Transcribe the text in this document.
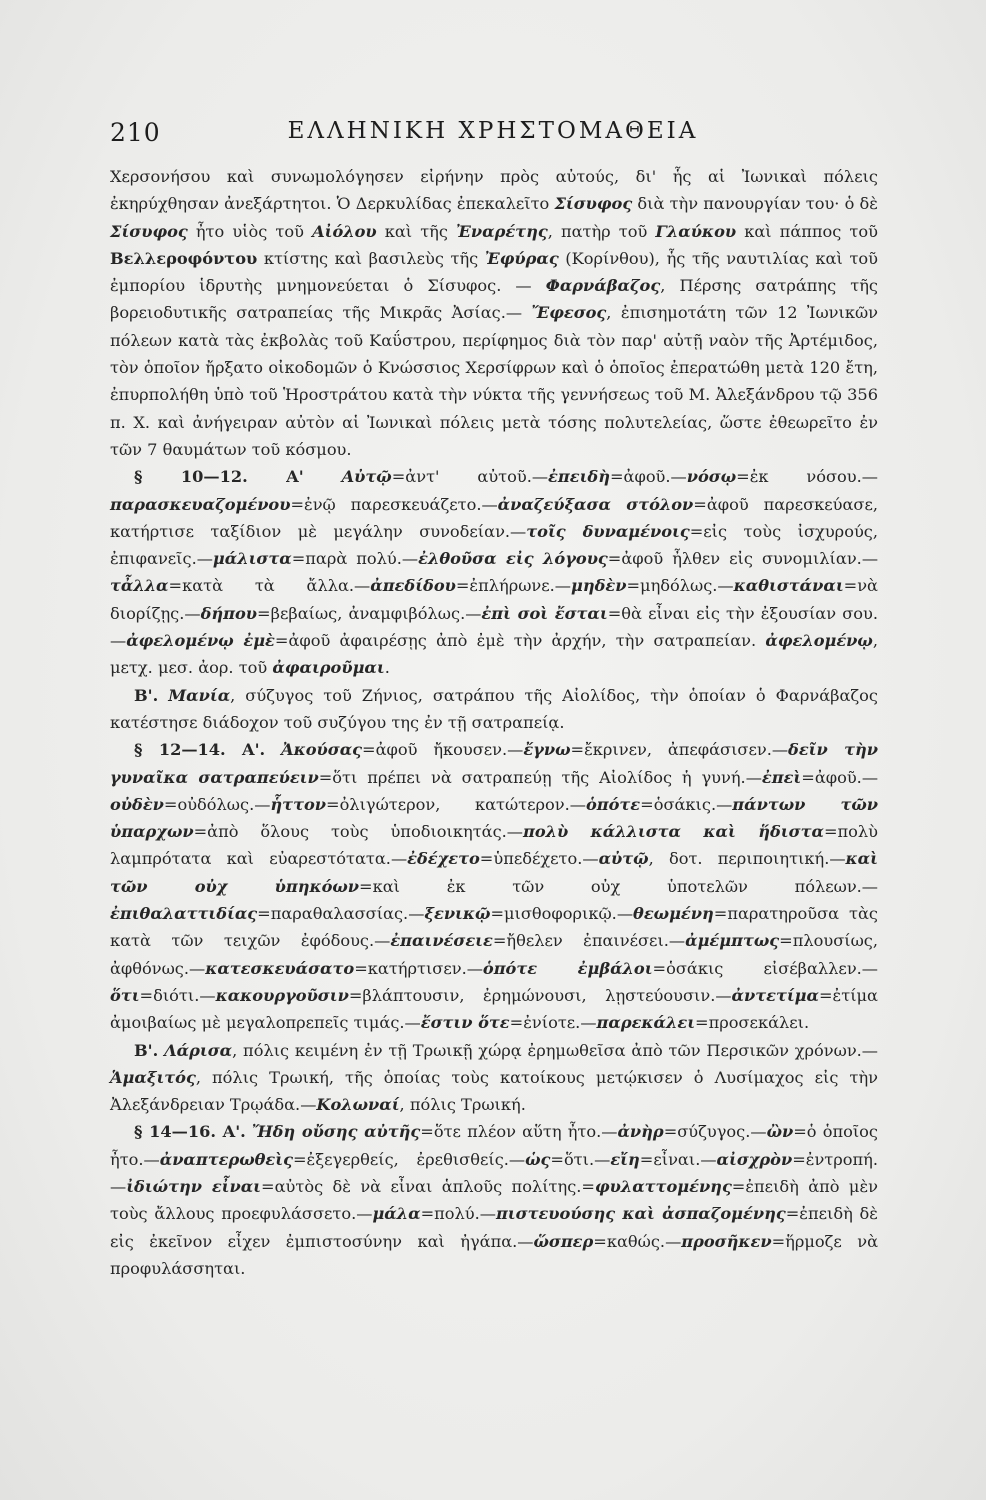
210	ΕΛΛΗΝΙΚΗ ΧΡΗΣΤΟΜΑΘΕΙΑ

Χερσονήσου καὶ συνωμολόγησεν εἰρήνην πρὸς αὐτούς, δι' ἧς αἱ Ἰωνικαὶ πόλεις ἐκηρύχθησαν ἀνεξάρτητοι. Ὁ Δερκυλίδας ἐπεκαλεῖτο Σίσυφος διὰ τὴν πανουργίαν του· ὁ δὲ Σίσυφος ἦτο υἱὸς τοῦ Αἰόλου καὶ τῆς Ἐναρέτης, πατὴρ τοῦ Γλαύκου καὶ πάππος τοῦ Βελλεροφόντου κτίστης καὶ βασιλεὺς τῆς Ἐφύρας (Κορίνθου), ἧς τῆς ναυτιλίας καὶ τοῦ ἐμπορίου ἱδρυτὴς μνημονεύεται ὁ Σίσυφος. — Φαρνάβαζος, Πέρσης σατράπης τῆς βορειοδυτικῆς σατραπείας τῆς Μικρᾶς Ἀσίας.— Ἔφεσος, ἐπισημοτάτη τῶν 12 Ἰωνικῶν πόλεων κατὰ τὰς ἐκβολὰς τοῦ Καΰστρου, περίφημος διὰ τὸν παρ' αὐτῇ ναὸν τῆς Ἀρτέμιδος, τὸν ὁποῖον ἤρξατο οἰκοδομῶν ὁ Κνώσσιος Χερσίφρων καὶ ὁ ὁποῖος ἐπερατώθη μετὰ 120 ἔτη, ἐπυρπολήθη ὑπὸ τοῦ Ἡροστράτου κατὰ τὴν νύκτα τῆς γεννήσεως τοῦ Μ. Ἀλεξάνδρου τῷ 356 π. Χ. καὶ ἀνήγειραν αὐτὸν αἱ Ἰωνικαὶ πόλεις μετὰ τόσης πολυτελείας, ὥστε ἐθεωρεῖτο ἐν τῶν 7 θαυμάτων τοῦ κόσμου.

§ 10—12. Α' Αὐτῷ=ἀντ' αὐτοῦ.—ἐπειδὴ=ἀφοῦ.—νόσῳ=ἐκ νόσου.—παρασκευαζομένου=ἐνῷ παρεσκευάζετο.—ἀναζεύξασα στόλον=ἀφοῦ παρεσκεύασε, κατήρτισε ταξίδιον μὲ μεγάλην συνοδείαν.—τοῖς δυναμένοις=εἰς τοὺς ἰσχυρούς, ἐπιφανεῖς.—μάλιστα=παρὰ πολύ.—ἐλθοῦσα εἰς λόγους=ἀφοῦ ἦλθεν εἰς συνομιλίαν.—τἆλλα=κατὰ τὰ ἄλλα.—ἀπεδίδου=ἐπλήρωνε.—μηδὲν=μηδόλως.—καθιστάναι=νὰ διορίζῃς.—δήπου=βεβαίως, ἀναμφιβόλως.—ἐπὶ σοὶ ἔσται=θὰ εἶναι εἰς τὴν ἐξουσίαν σου.—ἀφελομένῳ ἐμὲ=ἀφοῦ ἀφαιρέσῃς ἀπὸ ἐμὲ τὴν ἀρχήν, τὴν σατραπείαν. ἀφελομένῳ, μετχ. μεσ. ἀορ. τοῦ ἀφαιροῦμαι.

Β'. Μανία, σύζυγος τοῦ Ζήνιος, σατράπου τῆς Αἰολίδος, τὴν ὁποίαν ὁ Φαρνάβαζος κατέστησε διάδοχον τοῦ συζύγου της ἐν τῇ σατραπείᾳ.

§ 12—14. Α'. Ἀκούσας=ἀφοῦ ἤκουσεν.—ἔγνω=ἔκρινεν, ἀπεφάσισεν.—δεῖν τὴν γυναῖκα σατραπεύειν=ὅτι πρέπει νὰ σατραπεύῃ τῆς Αἰολίδος ἡ γυνή.—ἐπεὶ=ἀφοῦ.—οὐδὲν=οὐδόλως.—ἧττον=ὀλιγώτερον, κατώτερον.—ὁπότε=ὁσάκις.—πάντων τῶν ὑπαρχων=ἀπὸ ὅλους τοὺς ὑποδιοικητάς.—πολὺ κάλλιστα καὶ ἥδιστα=πολὺ λαμπρότατα καὶ εὐαρεστότατα.—ἐδέχετο=ὑπεδέχετο.—αὐτῷ, δοτ. περιποιητική.—καὶ τῶν οὐχ ὑπηκόων=καὶ ἐκ τῶν οὐχ ὑποτελῶν πόλεων.—ἐπιθαλαττιδίας=παραθαλασσίας.—ξενικῷ=μισθοφορικῷ.—θεωμένη=παρατηροῦσα τὰς κατὰ τῶν τειχῶν ἐφόδους.—ἐπαινέσειε=ἤθελεν ἐπαινέσει.—ἀμέμπτως=πλουσίως, ἀφθόνως.—κατεσκευάσατο=κατήρτισεν.—ὁπότε ἐμβάλοι=ὁσάκις εἰσέβαλλεν.—ὅτι=διότι.—κακουργοῦσιν=βλάπτουσιν, ἐρημώνουσι, λῃστεύουσιν.—ἀντετίμα=ἐτίμα ἀμοιβαίως μὲ μεγαλοπρεπεῖς τιμάς.—ἔστιν ὅτε=ἐνίοτε.—παρεκάλει=προσεκάλει.

Β'. Λάρισα, πόλις κειμένη ἐν τῇ Τρωικῇ χώρᾳ ἐρημωθεῖσα ἀπὸ τῶν Περσικῶν χρόνων.—Ἁμαξιτός, πόλις Τρωική, τῆς ὁποίας τοὺς κατοίκους μετῴκισεν ὁ Λυσίμαχος εἰς τὴν Ἀλεξάνδρειαν Τρῳάδα.—Κολωναί, πόλις Τρωική.

§ 14—16. Α'. Ἤδη οὔσης αὐτῆς=ὅτε πλέον αὕτη ἦτο.—ἀνὴρ=σύζυγος.—ὢν=ὁ ὁποῖος ἦτο.—ἀναπτερωθεὶς=ἐξεγερθείς, ἐρεθισθείς.—ὡς=ὅτι.—εἴη=εἶναι.—αἰσχρὸν=ἐντροπή.—ἰδιώτην εἶναι=αὐτὸς δὲ νὰ εἶναι ἁπλοῦς πολίτης.=φυλαττομένης=ἐπειδὴ ἀπὸ μὲν τοὺς ἄλλους προεφυλάσσετο.—μάλα=πολύ.—πιστευούσης καὶ ἀσπαζομένης=ἐπειδὴ δὲ εἰς ἐκεῖνον εἶχεν ἐμπιστοσύνην καὶ ἠγάπα.—ὥσπερ=καθώς.—προσῆκεν=ἥρμοζε νὰ προφυλάσσηται.
